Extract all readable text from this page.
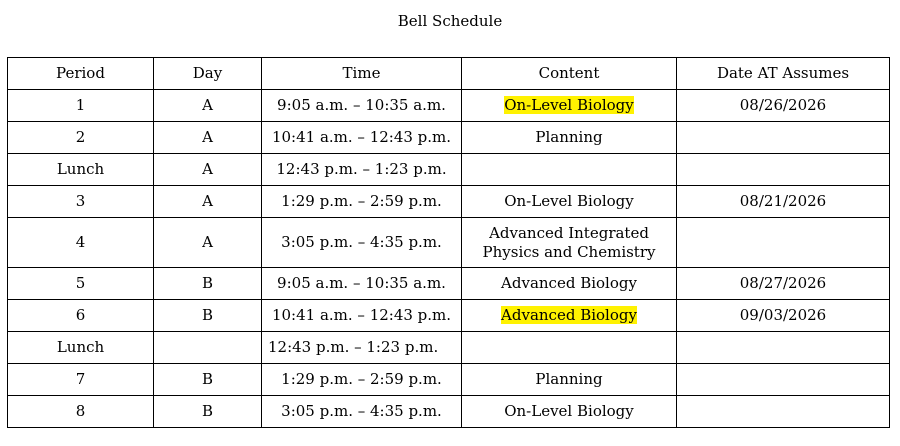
Bell Schedule
Period	Day	Time	Content	Date AT Assumes
1	A	9:05 a.m. – 10:35 a.m.	On-Level Biology	08/26/2026
2	A	10:41 a.m. – 12:43 p.m.	Planning	
Lunch	A	12:43 p.m. – 1:23 p.m.		
3	A	1:29 p.m. – 2:59 p.m.	On-Level Biology	08/21/2026
4	A	3:05 p.m. – 4:35 p.m.	Advanced Integrated
Physics and Chemistry	

5	B	9:05 a.m. – 10:35 a.m.	Advanced Biology	08/27/2026
6	B	10:41 a.m. – 12:43 p.m.	Advanced Biology	09/03/2026
Lunch		12:43 p.m. – 1:23 p.m.		
7	B	1:29 p.m. – 2:59 p.m.	Planning	
8	B	3:05 p.m. – 4:35 p.m.	On-Level Biology	
